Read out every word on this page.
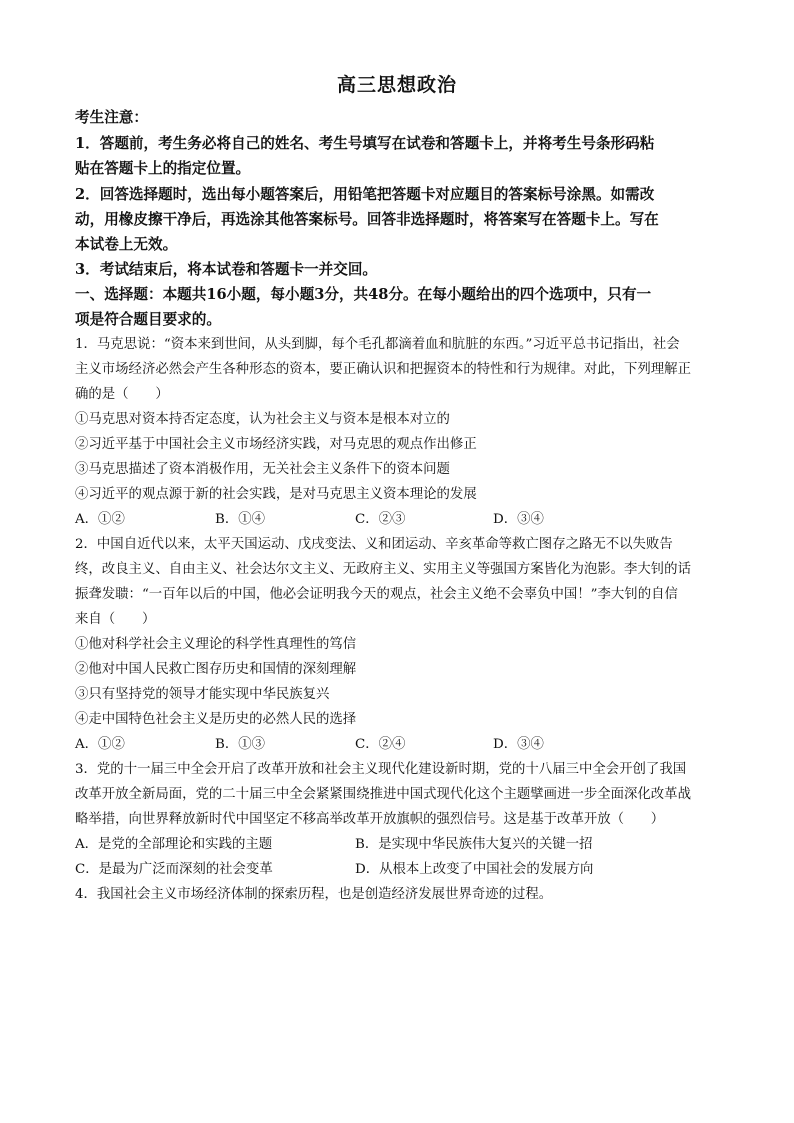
高三思想政治
考生注意：
1．答题前，考生务必将自己的姓名、考生号填写在试卷和答题卡上，并将考生号条形码粘
贴在答题卡上的指定位置。
2．回答选择题时，选出每小题答案后，用铅笔把答题卡对应题目的答案标号涂黑。如需改
动，用橡皮擦干净后，再选涂其他答案标号。回答非选择题时，将答案写在答题卡上。写在
本试卷上无效。
3．考试结束后，将本试卷和答题卡一并交回。
一、选择题：本题共16小题，每小题3分，共48分。在每小题给出的四个选项中，只有一
项是符合题目要求的。
1．马克思说：“资本来到世间，从头到脚，每个毛孔都滴着血和肮脏的东西。”习近平总书记指出，社会
主义市场经济必然会产生各种形态的资本，要正确认识和把握资本的特性和行为规律。对此，下列理解正
确的是（　　）
①马克思对资本持否定态度，认为社会主义与资本是根本对立的
②习近平基于中国社会主义市场经济实践，对马克思的观点作出修正
③马克思描述了资本消极作用，无关社会主义条件下的资本问题
④习近平的观点源于新的社会实践，是对马克思主义资本理论的发展
A．①②	B．①④	C．②③	D．③④
2．中国自近代以来，太平天国运动、戊戌变法、义和团运动、辛亥革命等救亡图存之路无不以失败告
终，改良主义、自由主义、社会达尔文主义、无政府主义、实用主义等强国方案皆化为泡影。李大钊的话
振聋发聩：“一百年以后的中国，他必会证明我今天的观点，社会主义绝不会辜负中国！”李大钊的自信
来自（　　）
①他对科学社会主义理论的科学性真理性的笃信
②他对中国人民救亡图存历史和国情的深刻理解
③只有坚持党的领导才能实现中华民族复兴
④走中国特色社会主义是历史的必然人民的选择
A．①②	B．①③	C．②④	D．③④
3．党的十一届三中全会开启了改革开放和社会主义现代化建设新时期，党的十八届三中全会开创了我国
改革开放全新局面，党的二十届三中全会紧紧围绕推进中国式现代化这个主题擘画进一步全面深化改革战
略举措，向世界释放新时代中国坚定不移高举改革开放旗帜的强烈信号。这是基于改革开放（　　）
A．是党的全部理论和实践的主题	B．是实现中华民族伟大复兴的关键一招
C．是最为广泛而深刻的社会变革	D．从根本上改变了中国社会的发展方向
4．我国社会主义市场经济体制的探索历程，也是创造经济发展世界奇迹的过程。
